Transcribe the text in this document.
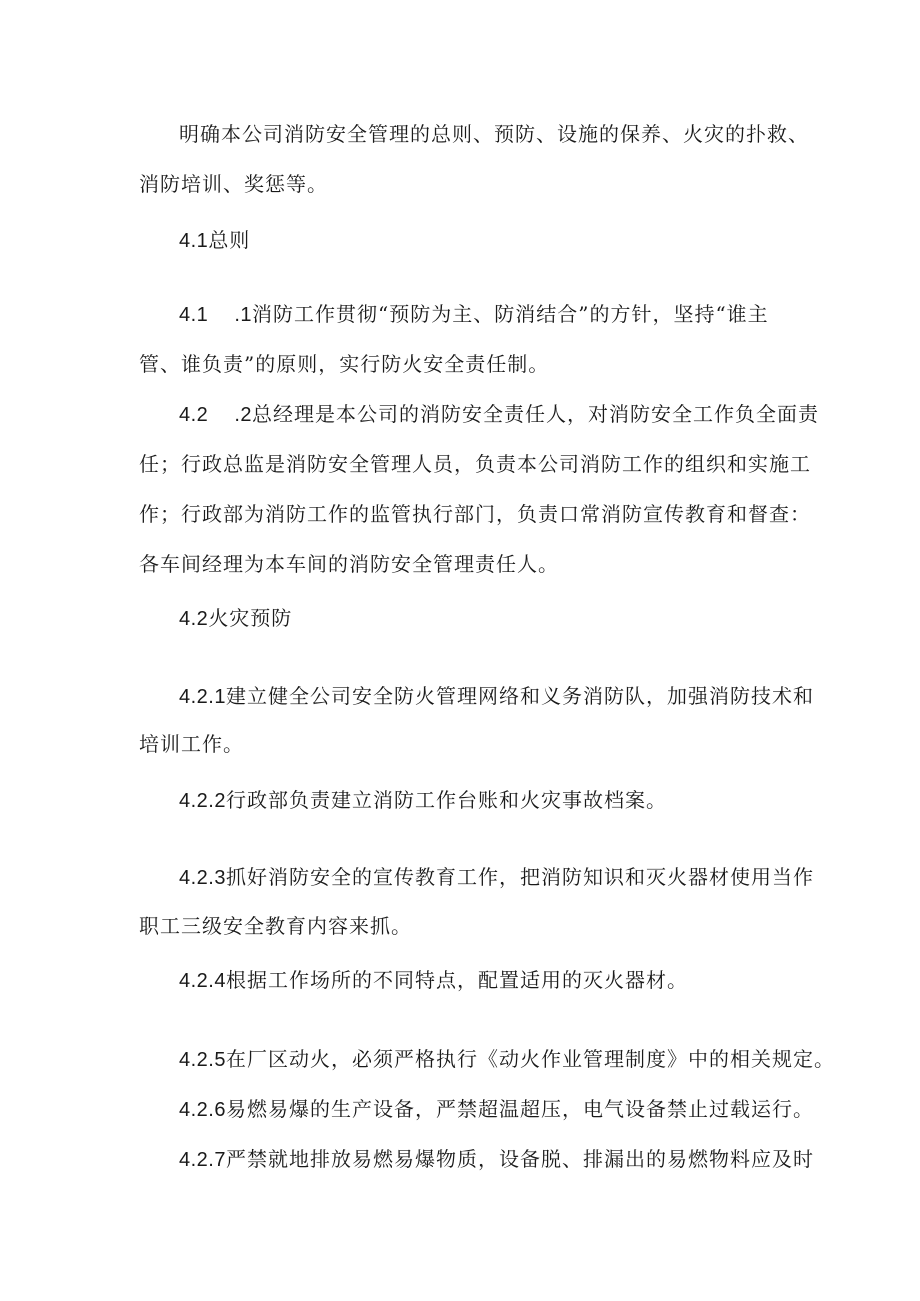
明确本公司消防安全管理的总则、预防、设施的保养、火灾的扑救、

消防培训、奖惩等。

4.1总则

4.1 .1消防工作贯彻“预防为主、防消结合”的方针，坚持“谁主

管、谁负责”的原则，实行防火安全责任制。

4.2 .2总经理是本公司的消防安全责任人，对消防安全工作负全面责

任；行政总监是消防安全管理人员，负责本公司消防工作的组织和实施工

作；行政部为消防工作的监管执行部门，负责口常消防宣传教育和督查：

各车间经理为本车间的消防安全管理责任人。

4.2火灾预防

4.2.1建立健全公司安全防火管理网络和义务消防队，加强消防技术和

培训工作。

4.2.2行政部负责建立消防工作台账和火灾事故档案。

4.2.3抓好消防安全的宣传教育工作，把消防知识和灭火器材使用当作

职工三级安全教育内容来抓。

4.2.4根据工作场所的不同特点，配置适用的灭火器材。

4.2.5在厂区动火，必须严格执行《动火作业管理制度》中的相关规定。

4.2.6易燃易爆的生产设备，严禁超温超压，电气设备禁止过载运行。

4.2.7严禁就地排放易燃易爆物质，设备脱、排漏出的易燃物料应及时
